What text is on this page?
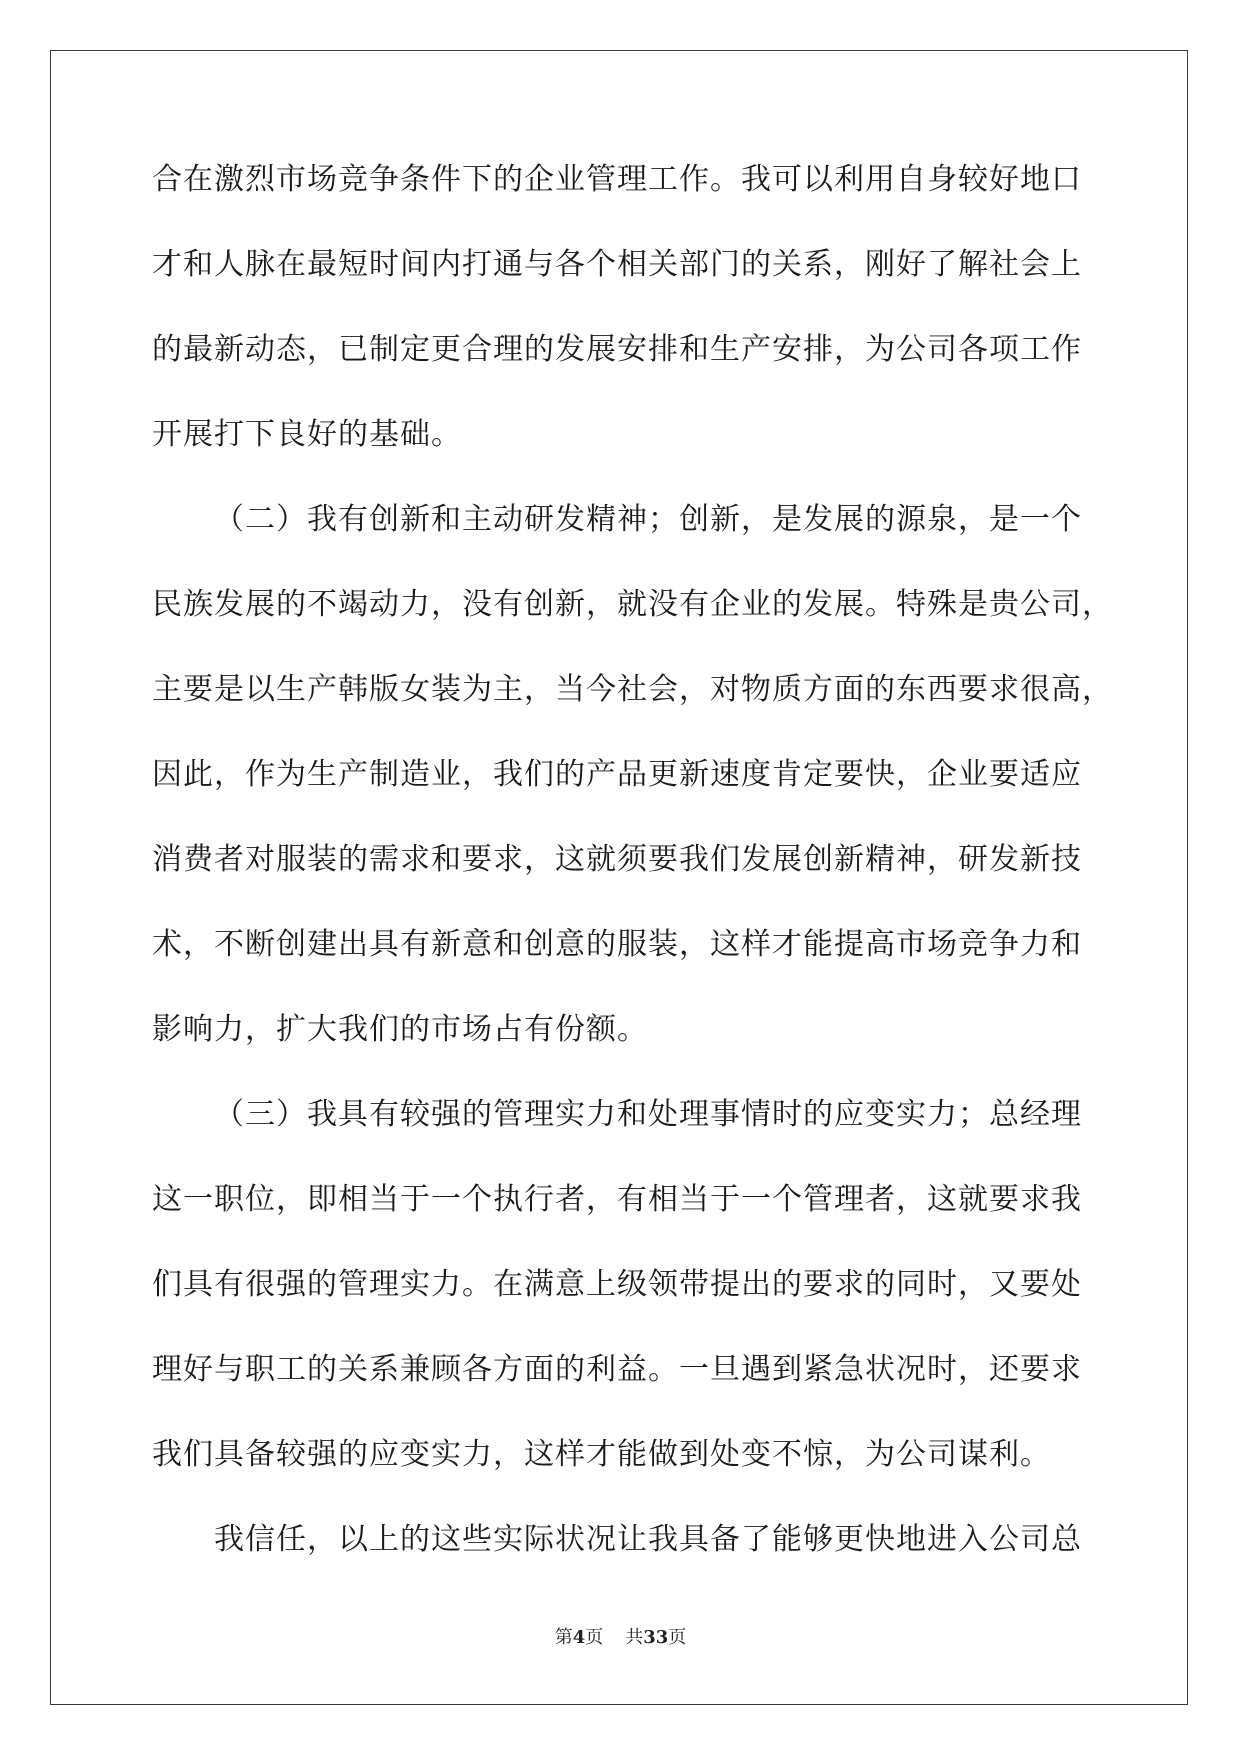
合在激烈市场竞争条件下的企业管理工作。我可以利用自身较好地口
才和人脉在最短时间内打通与各个相关部门的关系，刚好了解社会上
的最新动态，已制定更合理的发展安排和生产安排，为公司各项工作
开展打下良好的基础。
（二）我有创新和主动研发精神；创新，是发展的源泉，是一个
民族发展的不竭动力，没有创新，就没有企业的发展。特殊是贵公司，
主要是以生产韩版女装为主，当今社会，对物质方面的东西要求很高，
因此，作为生产制造业，我们的产品更新速度肯定要快，企业要适应
消费者对服装的需求和要求，这就须要我们发展创新精神，研发新技
术，不断创建出具有新意和创意的服装，这样才能提高市场竞争力和
影响力，扩大我们的市场占有份额。
（三）我具有较强的管理实力和处理事情时的应变实力；总经理
这一职位，即相当于一个执行者，有相当于一个管理者，这就要求我
们具有很强的管理实力。在满意上级领带提出的要求的同时，又要处
理好与职工的关系兼顾各方面的利益。一旦遇到紧急状况时，还要求
我们具备较强的应变实力，这样才能做到处变不惊，为公司谋利。
我信任，以上的这些实际状况让我具备了能够更快地进入公司总
第4页 共33页
